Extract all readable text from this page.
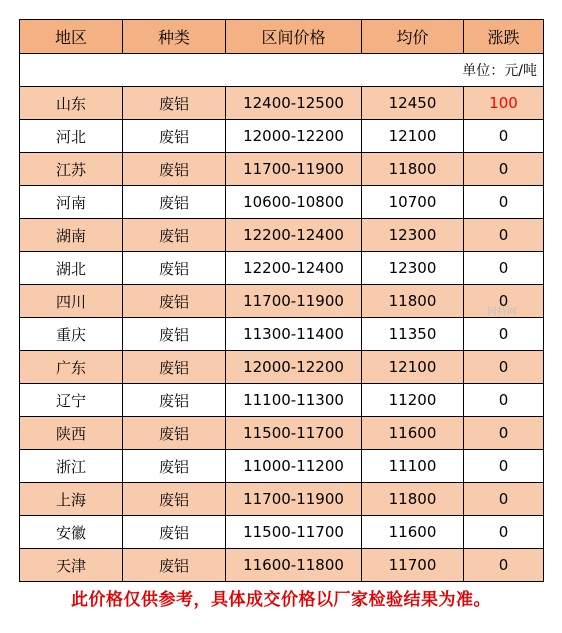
地区	种类	区间价格	均价	涨跌
单位：元/吨				
山东	废铝	12400-12500	12450	100
河北	废铝	12000-12200	12100	0
江苏	废铝	11700-11900	11800	0
河南	废铝	10600-10800	10700	0
湖南	废铝	12200-12400	12300	0
湖北	废铝	12200-12400	12300	0
四川	废铝	11700-11900	11800	0
重庆	废铝	11300-11400	11350	0
广东	废铝	12000-12200	12100	0
辽宁	废铝	11100-11300	11200	0
陕西	废铝	11500-11700	11600	0
浙江	废铝	11000-11200	11100	0
上海	废铝	11700-11900	11800	0
安徽	废铝	11500-11700	11600	0
天津	废铝	11600-11800	11700	0
阿特网
此价格仅供参考，具体成交价格以厂家检验结果为准。
